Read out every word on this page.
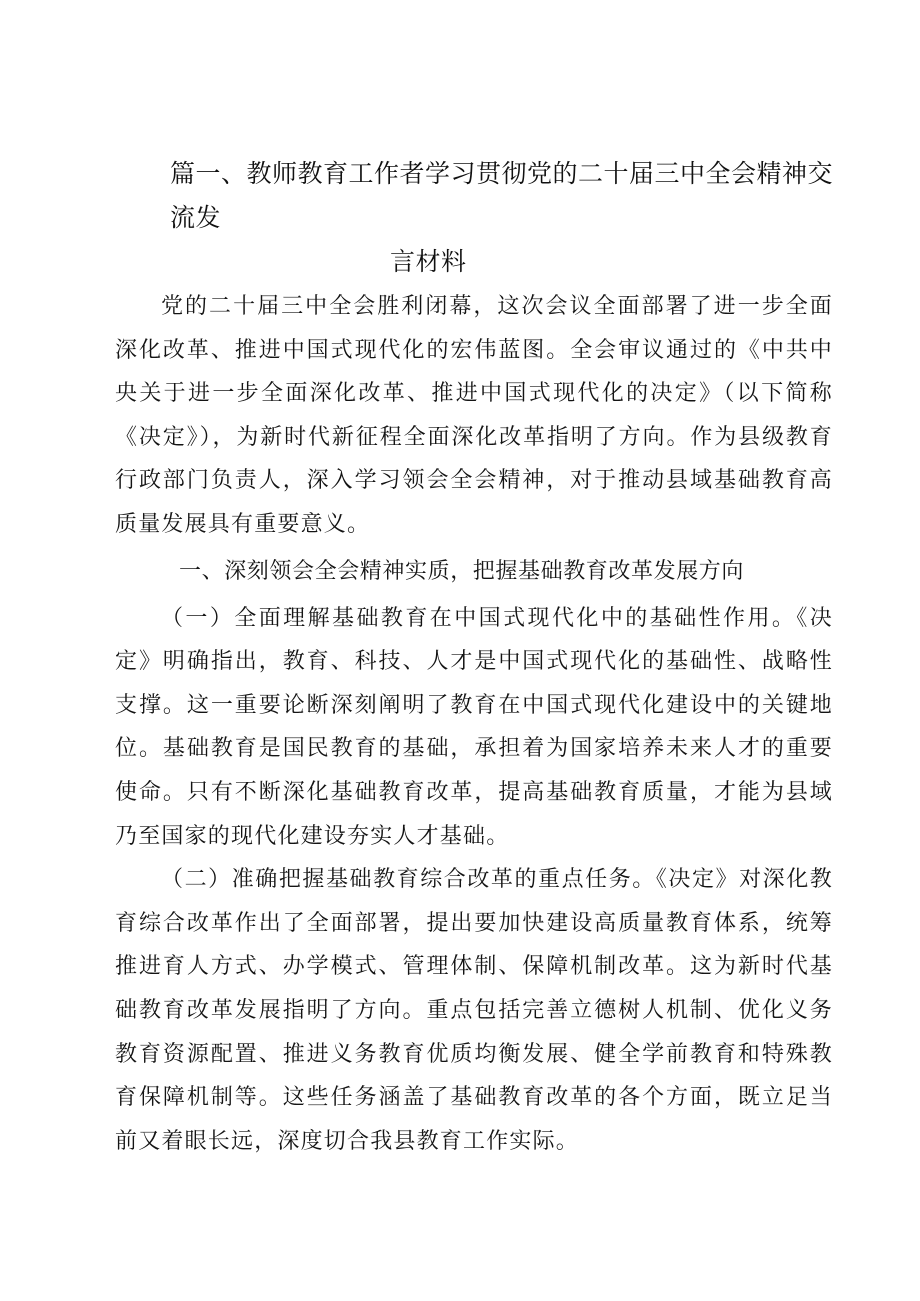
篇一、教师教育工作者学习贯彻党的二十届三中全会精神交流发
言材料

党的二十届三中全会胜利闭幕，这次会议全面部署了进一步全面深化改革、推进中国式现代化的宏伟蓝图。全会审议通过的《中共中央关于进一步全面深化改革、推进中国式现代化的决定》（以下简称《决定》），为新时代新征程全面深化改革指明了方向。作为县级教育行政部门负责人，深入学习领会全会精神，对于推动县域基础教育高质量发展具有重要意义。

一、深刻领会全会精神实质，把握基础教育改革发展方向

（一）全面理解基础教育在中国式现代化中的基础性作用。《决定》明确指出，教育、科技、人才是中国式现代化的基础性、战略性支撑。这一重要论断深刻阐明了教育在中国式现代化建设中的关键地位。基础教育是国民教育的基础，承担着为国家培养未来人才的重要使命。只有不断深化基础教育改革，提高基础教育质量，才能为县域乃至国家的现代化建设夯实人才基础。

（二）准确把握基础教育综合改革的重点任务。《决定》对深化教育综合改革作出了全面部署，提出要加快建设高质量教育体系，统筹推进育人方式、办学模式、管理体制、保障机制改革。这为新时代基础教育改革发展指明了方向。重点包括完善立德树人机制、优化义务教育资源配置、推进义务教育优质均衡发展、健全学前教育和特殊教育保障机制等。这些任务涵盖了基础教育改革的各个方面，既立足当前又着眼长远，深度切合我县教育工作实际。
